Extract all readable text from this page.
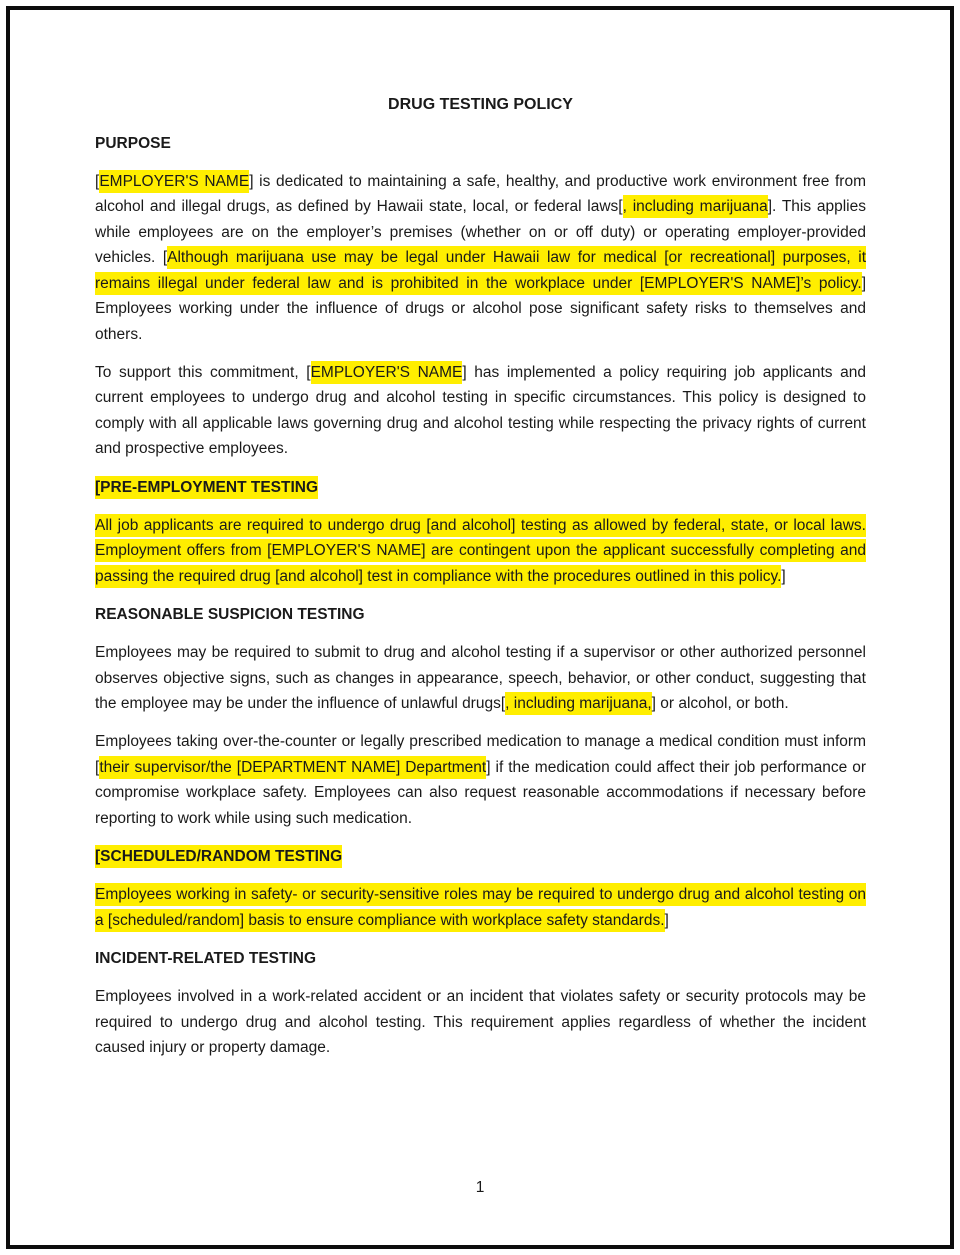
DRUG TESTING POLICY
PURPOSE

[EMPLOYER'S NAME] is dedicated to maintaining a safe, healthy, and productive work environment free from alcohol and illegal drugs, as defined by Hawaii state, local, or federal laws[, including marijuana]. This applies while employees are on the employer’s premises (whether on or off duty) or operating employer-provided vehicles. [Although marijuana use may be legal under Hawaii law for medical [or recreational] purposes, it remains illegal under federal law and is prohibited in the workplace under [EMPLOYER'S NAME]’s policy.] Employees working under the influence of drugs or alcohol pose significant safety risks to themselves and others.

To support this commitment, [EMPLOYER'S NAME] has implemented a policy requiring job applicants and current employees to undergo drug and alcohol testing in specific circumstances. This policy is designed to comply with all applicable laws governing drug and alcohol testing while respecting the privacy rights of current and prospective employees.

[PRE-EMPLOYMENT TESTING

All job applicants are required to undergo drug [and alcohol] testing as allowed by federal, state, or local laws. Employment offers from [EMPLOYER'S NAME] are contingent upon the applicant successfully completing and passing the required drug [and alcohol] test in compliance with the procedures outlined in this policy.]

REASONABLE SUSPICION TESTING

Employees may be required to submit to drug and alcohol testing if a supervisor or other authorized personnel observes objective signs, such as changes in appearance, speech, behavior, or other conduct, suggesting that the employee may be under the influence of unlawful drugs[, including marijuana,] or alcohol, or both.

Employees taking over-the-counter or legally prescribed medication to manage a medical condition must inform [their supervisor/the [DEPARTMENT NAME] Department] if the medication could affect their job performance or compromise workplace safety. Employees can also request reasonable accommodations if necessary before reporting to work while using such medication.

[SCHEDULED/RANDOM TESTING

Employees working in safety- or security-sensitive roles may be required to undergo drug and alcohol testing on a [scheduled/random] basis to ensure compliance with workplace safety standards.]

INCIDENT-RELATED TESTING

Employees involved in a work-related accident or an incident that violates safety or security protocols may be required to undergo drug and alcohol testing. This requirement applies regardless of whether the incident caused injury or property damage.

1
